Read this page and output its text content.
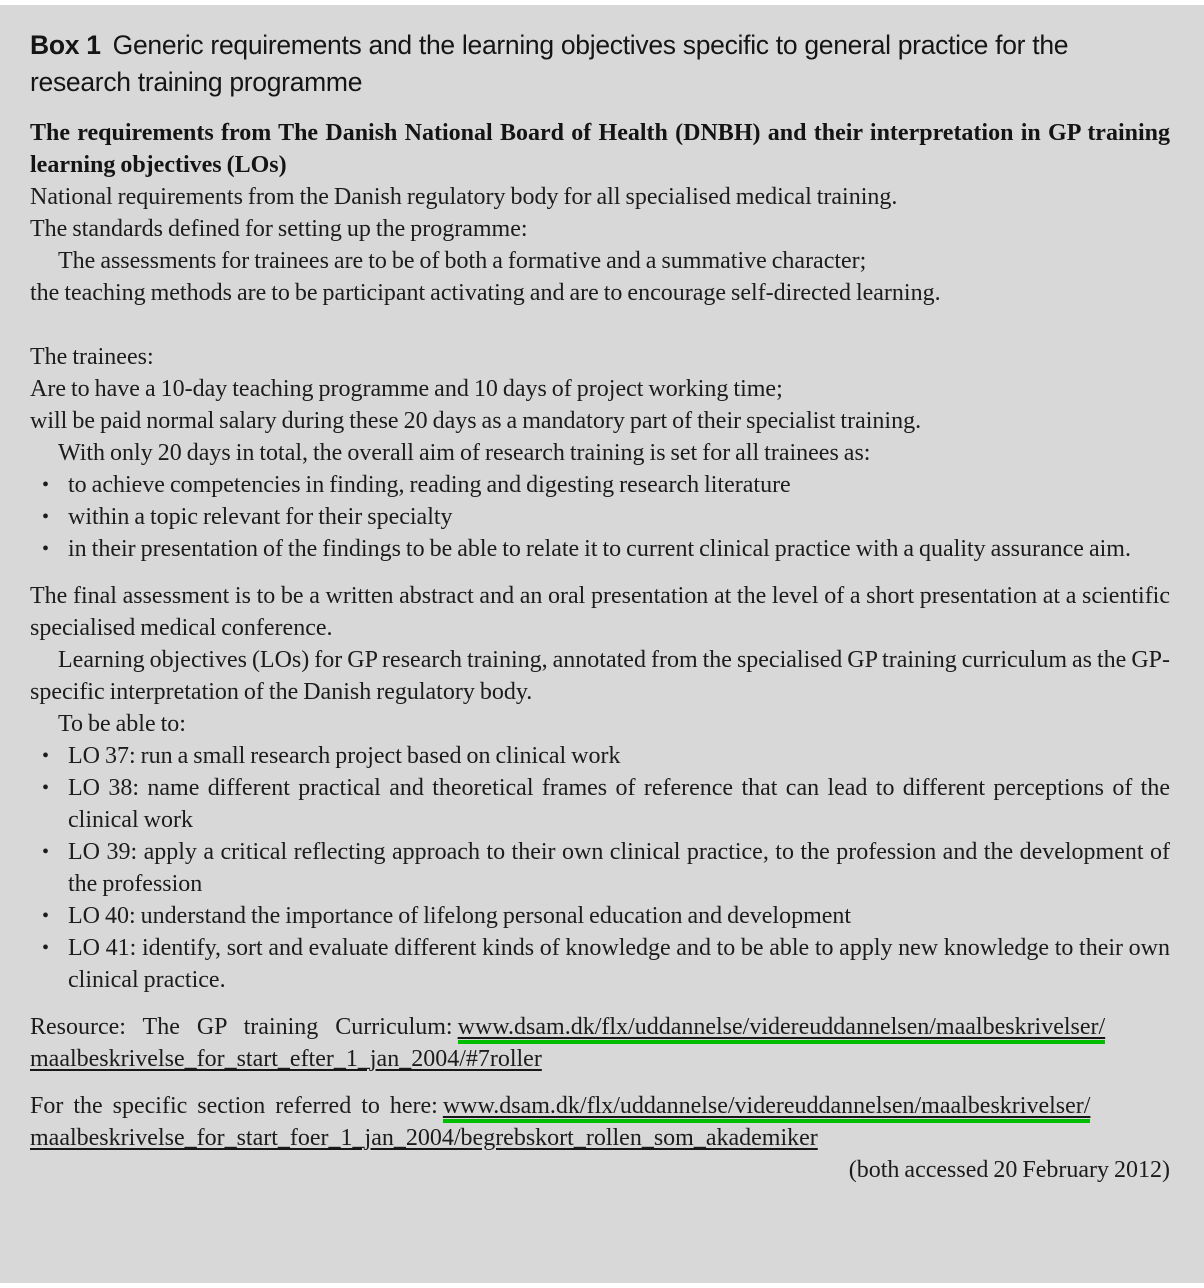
Box 1 Generic requirements and the learning objectives specific to general practice for the research training programme

The requirements from The Danish National Board of Health (DNBH) and their interpretation in GP training learning objectives (LOs)

National requirements from the Danish regulatory body for all specialised medical training.
The standards defined for setting up the programme:
The assessments for trainees are to be of both a formative and a summative character;
the teaching methods are to be participant activating and are to encourage self-directed learning.
The trainees:
Are to have a 10-day teaching programme and 10 days of project working time;
will be paid normal salary during these 20 days as a mandatory part of their specialist training.
With only 20 days in total, the overall aim of research training is set for all trainees as:
• to achieve competencies in finding, reading and digesting research literature
• within a topic relevant for their specialty
• in their presentation of the findings to be able to relate it to current clinical practice with a quality assurance aim.

The final assessment is to be a written abstract and an oral presentation at the level of a short presentation at a scientific specialised medical conference.

Learning objectives (LOs) for GP research training, annotated from the specialised GP training curriculum as the GP-specific interpretation of the Danish regulatory body.

To be able to:
• LO 37: run a small research project based on clinical work
• LO 38: name different practical and theoretical frames of reference that can lead to different perceptions of the clinical work
• LO 39: apply a critical reflecting approach to their own clinical practice, to the profession and the development of the profession
• LO 40: understand the importance of lifelong personal education and development
• LO 41: identify, sort and evaluate different kinds of knowledge and to be able to apply new knowledge to their own clinical practice.
Resource: The GP training Curriculum: www.dsam.dk/flx/uddannelse/videreuddannelsen/maalbeskrivelser/
maalbeskrivelse_for_start_efter_1_jan_2004/#7roller
For the specific section referred to here: www.dsam.dk/flx/uddannelse/videreuddannelsen/maalbeskrivelser/
maalbeskrivelse_for_start_foer_1_jan_2004/begrebskort_rollen_som_akademiker

(both accessed 20 February 2012)
